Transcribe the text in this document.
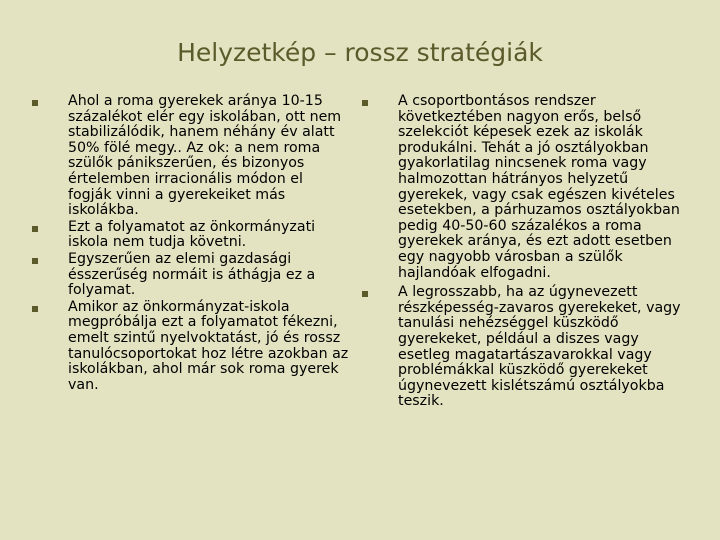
Helyzetkép – rossz stratégiák
Ahol a roma gyerekek aránya 10-15 százalékot elér egy iskolában, ott nem stabilizálódik, hanem néhány év alatt 50% fölé megy.. Az ok: a nem roma szülők pánikszerűen, és bizonyos értelemben irracionális módon el fogják vinni a gyerekeiket más iskolákba.
Ezt a folyamatot az önkormányzati iskola nem tudja követni.
Egyszerűen az elemi gazdasági ésszerűség normáit is áthágja ez a folyamat.
Amikor az önkormányzat-iskola megpróbálja ezt a folyamatot fékezni, emelt szintű nyelvoktatást, jó és rossz tanulócsoportokat hoz létre azokban az iskolákban, ahol már sok roma gyerek van.
A csoportbontásos rendszer következtében nagyon erős, belső szelekciót képesek ezek az iskolák produkálni. Tehát a jó osztályokban gyakorlatilag nincsenek roma vagy halmozottan hátrányos helyzetű gyerekek, vagy csak egészen kivételes esetekben, a párhuzamos osztályokban pedig 40-50-60 százalékos a roma gyerekek aránya, és ezt adott esetben egy nagyobb városban a szülők hajlandóak elfogadni.
A legrosszabb, ha az úgynevezett részképesség-zavaros gyerekeket, vagy tanulási nehézséggel küszködő gyerekeket, például a diszes vagy esetleg magatartászavarokkal vagy problémákkal küszködő gyerekeket úgynevezett kislétszámú osztályokba teszik.
